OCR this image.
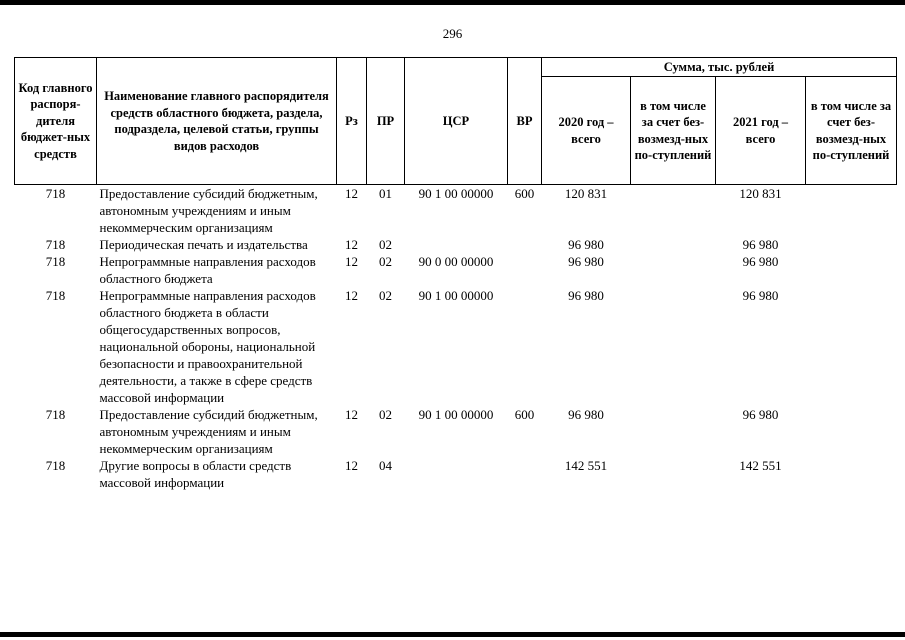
296
Код главного распоря-дителя бюджет-ных средств	Наименование главного распорядителя средств областного бюджета, раздела, подраздела, целевой статьи, группы видов расходов	Рз	ПР	ЦСР	ВР	Сумма, тыс. рублей			
						2020 год – всего	в том числе за счет без-возмезд-ных по-ступлений	2021 год – всего	в том числе за счет без-возмезд-ных по-ступлений
718	Предоставление субсидий бюджетным, автономным учреждениям и иным некоммерческим организациям	12	01	90 1 00 00000	600	120 831		120 831	
718	Периодическая печать и издательства	12	02			96 980		96 980	
718	Непрограммные направления расходов областного бюджета	12	02	90 0 00 00000		96 980		96 980	
718	Непрограммные направления расходов областного бюджета в области общегосударственных вопросов, национальной обороны, национальной безопасности и правоохранительной деятельности, а также в сфере средств массовой информации	12	02	90 1 00 00000		96 980		96 980	
718	Предоставление субсидий бюджетным, автономным учреждениям и иным некоммерческим организациям	12	02	90 1 00 00000	600	96 980		96 980	
718	Другие вопросы в области средств массовой информации	12	04			142 551		142 551	
